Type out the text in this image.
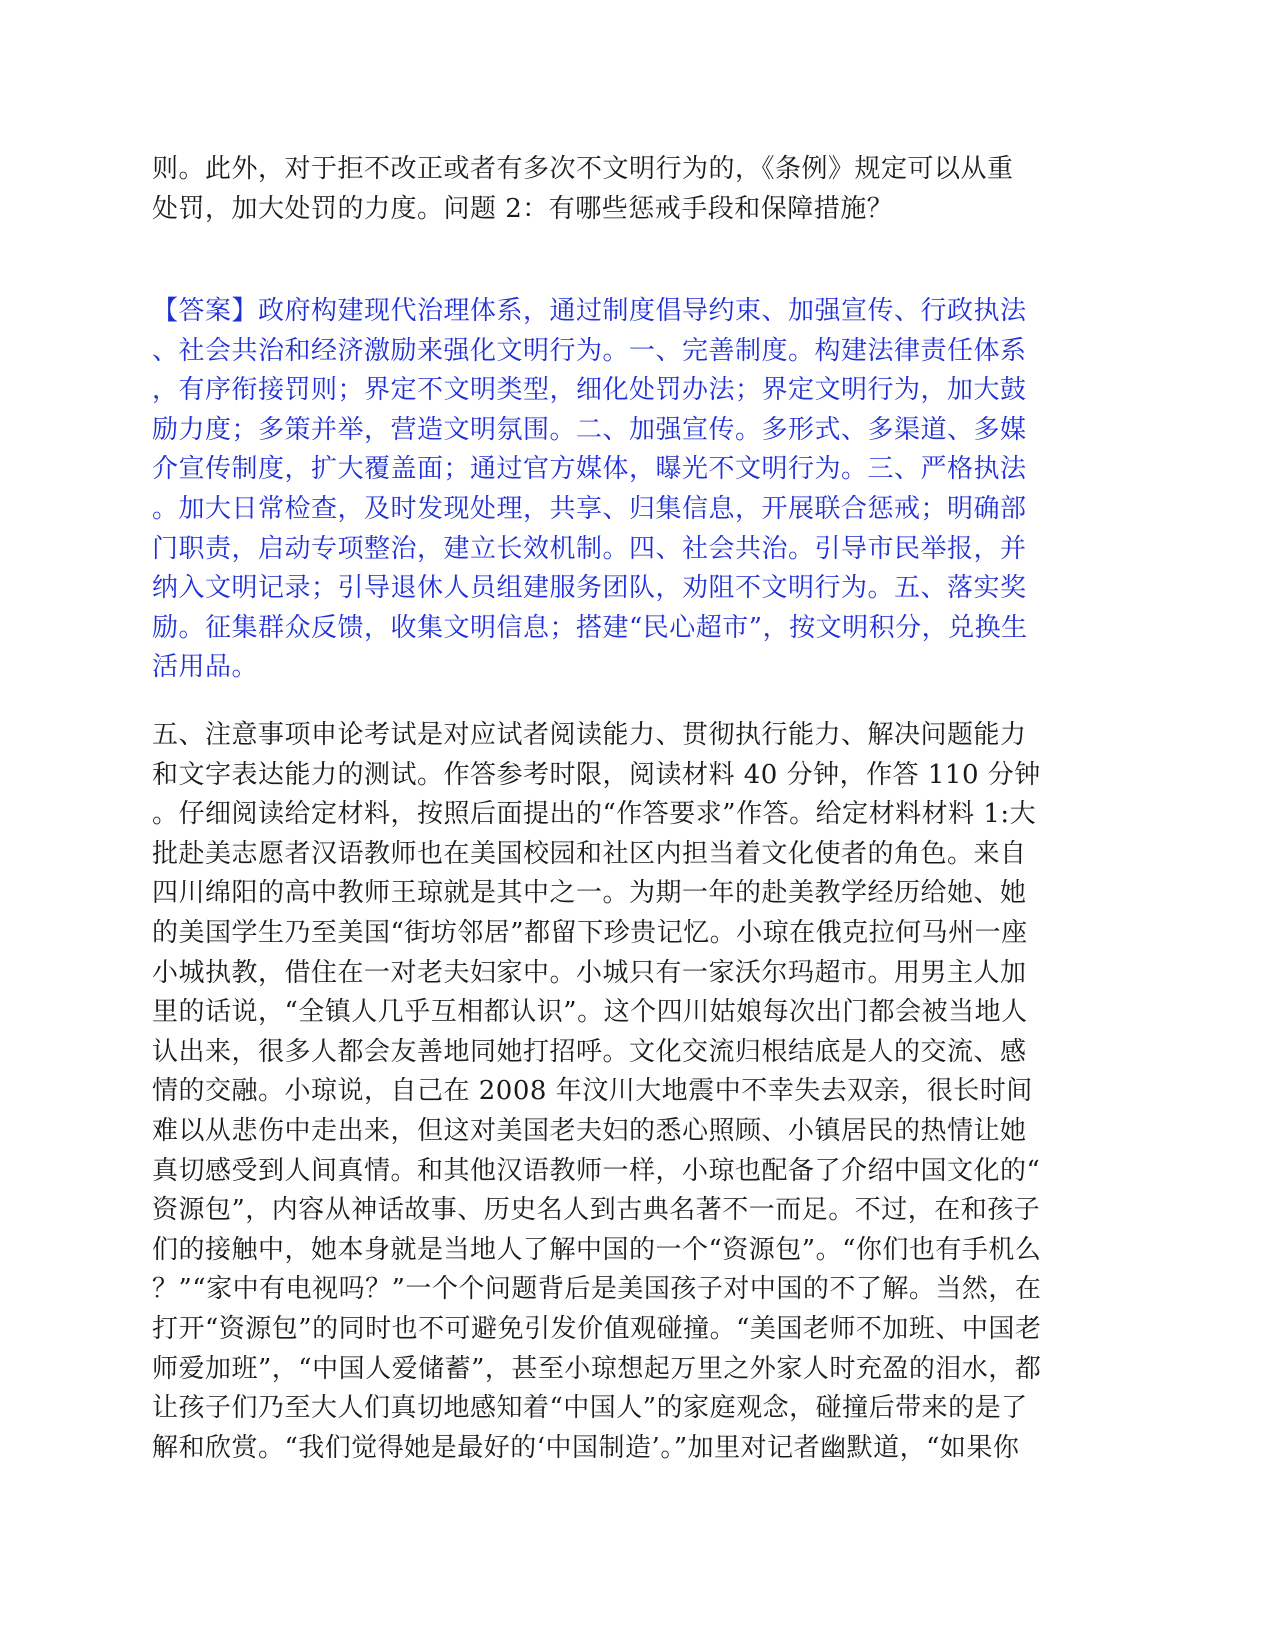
则。此外，对于拒不改正或者有多次不文明行为的，《条例》规定可以从重
处罚，加大处罚的力度。问题 2：有哪些惩戒手段和保障措施？
【答案】政府构建现代治理体系，通过制度倡导约束、加强宣传、行政执法
、社会共治和经济激励来强化文明行为。一、完善制度。构建法律责任体系
，有序衔接罚则；界定不文明类型，细化处罚办法；界定文明行为，加大鼓
励力度；多策并举，营造文明氛围。二、加强宣传。多形式、多渠道、多媒
介宣传制度，扩大覆盖面；通过官方媒体，曝光不文明行为。三、严格执法
。加大日常检查，及时发现处理，共享、归集信息，开展联合惩戒；明确部
门职责，启动专项整治，建立长效机制。四、社会共治。引导市民举报，并
纳入文明记录；引导退休人员组建服务团队，劝阻不文明行为。五、落实奖
励。征集群众反馈，收集文明信息；搭建“民心超市”，按文明积分，兑换生
活用品。
五、注意事项申论考试是对应试者阅读能力、贯彻执行能力、解决问题能力
和文字表达能力的测试。作答参考时限，阅读材料 40 分钟，作答 110 分钟
。仔细阅读给定材料，按照后面提出的“作答要求”作答。给定材料材料 1:大
批赴美志愿者汉语教师也在美国校园和社区内担当着文化使者的角色。来自
四川绵阳的高中教师王琼就是其中之一。为期一年的赴美教学经历给她、她
的美国学生乃至美国“街坊邻居”都留下珍贵记忆。小琼在俄克拉何马州一座
小城执教，借住在一对老夫妇家中。小城只有一家沃尔玛超市。用男主人加
里的话说，“全镇人几乎互相都认识”。这个四川姑娘每次出门都会被当地人
认出来，很多人都会友善地同她打招呼。文化交流归根结底是人的交流、感
情的交融。小琼说，自己在 2008 年汶川大地震中不幸失去双亲，很长时间
难以从悲伤中走出来，但这对美国老夫妇的悉心照顾、小镇居民的热情让她
真切感受到人间真情。和其他汉语教师一样，小琼也配备了介绍中国文化的“
资源包”，内容从神话故事、历史名人到古典名著不一而足。不过，在和孩子
们的接触中，她本身就是当地人了解中国的一个“资源包”。“你们也有手机么
？”“家中有电视吗？”一个个问题背后是美国孩子对中国的不了解。当然，在
打开“资源包”的同时也不可避免引发价值观碰撞。“美国老师不加班、中国老
师爱加班”，“中国人爱储蓄”，甚至小琼想起万里之外家人时充盈的泪水，都
让孩子们乃至大人们真切地感知着“中国人”的家庭观念，碰撞后带来的是了
解和欣赏。“我们觉得她是最好的‘中国制造’。”加里对记者幽默道，“如果你
